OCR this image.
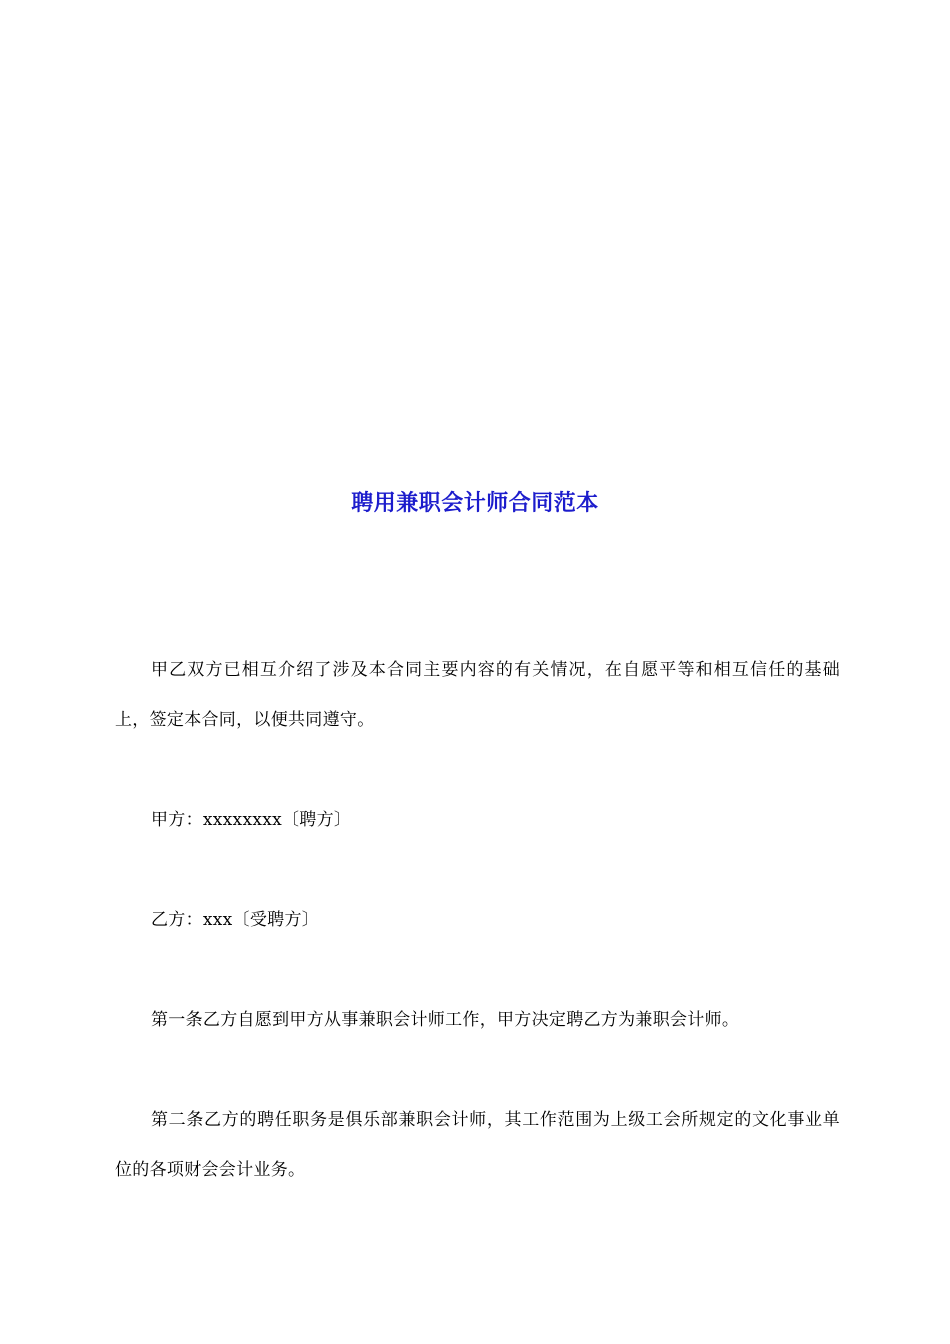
聘用兼职会计师合同范本

甲乙双方已相互介绍了涉及本合同主要内容的有关情况，在自愿平等和相互信任的基础上，签定本合同，以便共同遵守。

甲方：xxxxxxxx〔聘方〕

乙方：xxx〔受聘方〕

第一条乙方自愿到甲方从事兼职会计师工作，甲方决定聘乙方为兼职会计师。

第二条乙方的聘任职务是俱乐部兼职会计师，其工作范围为上级工会所规定的文化事业单位的各项财会会计业务。
